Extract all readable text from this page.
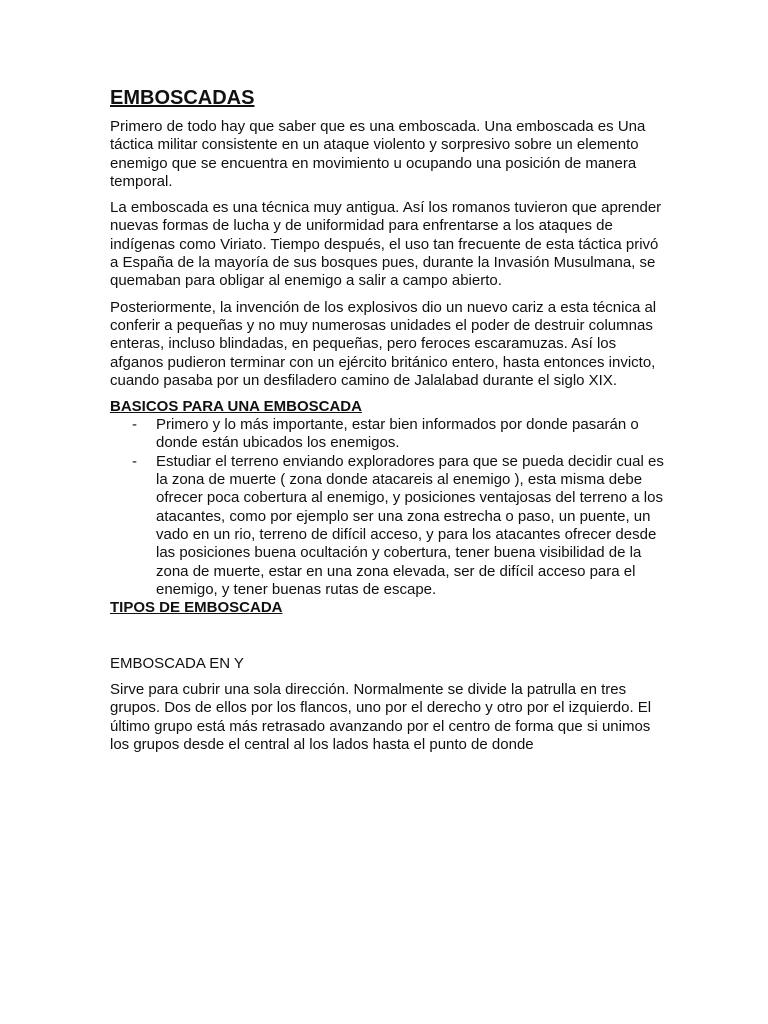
EMBOSCADAS

Primero de todo hay que saber que es una emboscada. Una emboscada es Una táctica militar consistente en un ataque violento y sorpresivo sobre un elemento enemigo que se encuentra en movimiento u ocupando una posición de manera temporal.

La emboscada es una técnica muy antigua. Así los romanos tuvieron que aprender nuevas formas de lucha y de uniformidad para enfrentarse a los ataques de indígenas como Viriato. Tiempo después, el uso tan frecuente de esta táctica privó a España de la mayoría de sus bosques pues, durante la Invasión Musulmana, se quemaban para obligar al enemigo a salir a campo abierto.

Posteriormente, la invención de los explosivos dio un nuevo cariz a esta técnica al conferir a pequeñas y no muy numerosas unidades el poder de destruir columnas enteras, incluso blindadas, en pequeñas, pero feroces escaramuzas. Así los afganos pudieron terminar con un ejército británico entero, hasta entonces invicto, cuando pasaba por un desfiladero camino de Jalalabad durante el siglo XIX.

BASICOS PARA UNA EMBOSCADA
- Primero y lo más importante, estar bien informados por donde pasarán o donde están ubicados los enemigos.
- Estudiar el terreno enviando exploradores para que se pueda decidir cual es la zona de muerte ( zona donde atacareis al enemigo ), esta misma debe ofrecer poca cobertura al enemigo, y posiciones ventajosas del terreno a los atacantes, como por ejemplo ser una zona estrecha o paso, un puente, un vado en un rio, terreno de difícil acceso, y para los atacantes ofrecer desde las posiciones buena ocultación y cobertura, tener buena visibilidad de la zona de muerte, estar en una zona elevada, ser de difícil acceso para el enemigo, y tener buenas rutas de escape.
TIPOS DE EMBOSCADA
EMBOSCADA EN Y

Sirve para cubrir una sola dirección. Normalmente se divide la patrulla en tres grupos. Dos de ellos por los flancos, uno por el derecho y otro por el izquierdo. El último grupo está más retrasado avanzando por el centro de forma que si unimos los grupos desde el central al los lados hasta el punto de donde
